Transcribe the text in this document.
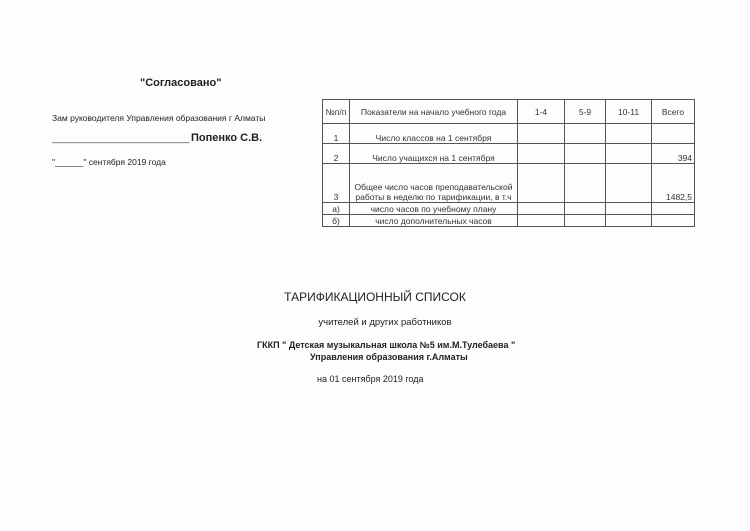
"Согласовано"
Зам руководителя Управления образования г Алматы
__________________________ Попенко С.В.
"______" сентября 2019 года
№п/п	Показатели на начало учебного года	1-4	5-9	10-11	Всего
1	Число классов на 1 сентября				
2	Число учащихся на 1 сентября				394
3	Общее число часов преподавательской работы в неделю по тарификации, в т.ч				1482,5
а)	число часов по учебному плану				
б)	число дополнительных часов				
ТАРИФИКАЦИОННЫЙ СПИСОК
учителей и других работников
ГККП " Детская музыкальная школа №5 им.М.Тулебаева "
Управления образования г.Алматы
на 01 сентября 2019 года
